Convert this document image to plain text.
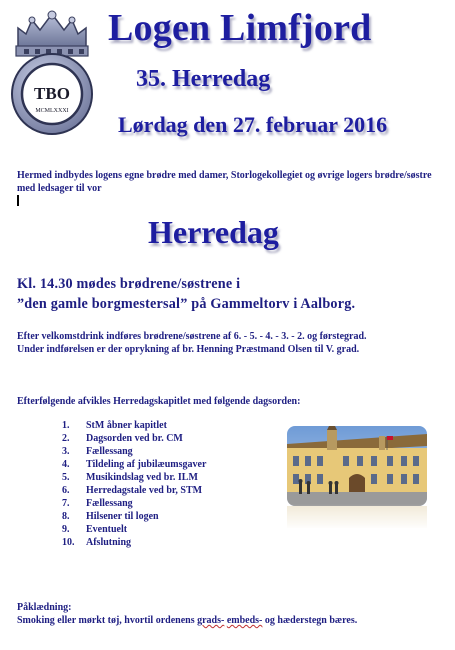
TBO
MCMLXXXI
Logen Limfjord
35. Herredag
Lørdag den 27. februar 2016
Hermed indbydes logens egne brødre med damer, Storlogekollegiet og øvrige logers brødre/søstre med ledsager til vor
Herredag
Kl. 14.30 mødes brødrene/søstrene i
”den gamle borgmestersal” på Gammeltorv i Aalborg.

Efter velkomstdrink indføres brødrene/søstrene af 6. - 5. - 4. - 3. - 2. og førstegrad.

Under indførelsen er der oprykning af br. Henning Præstmand Olsen til V. grad.

Efterfølgende afvikles Herredagskapitlet med følgende dagsorden:
1. StM åbner kapitlet
2. Dagsorden ved br. CM
3. Fællessang
4. Tildeling af jubilæumsgaver
5. Musikindslag ved br. ILM
6. Herredagstale ved br, STM
7. Fællessang
8. Hilsener til logen
9. Eventuelt
10. Afslutning
Påklædning:
Smoking eller mørkt tøj, hvortil ordenens grads- embeds- og hæderstegn bæres.
